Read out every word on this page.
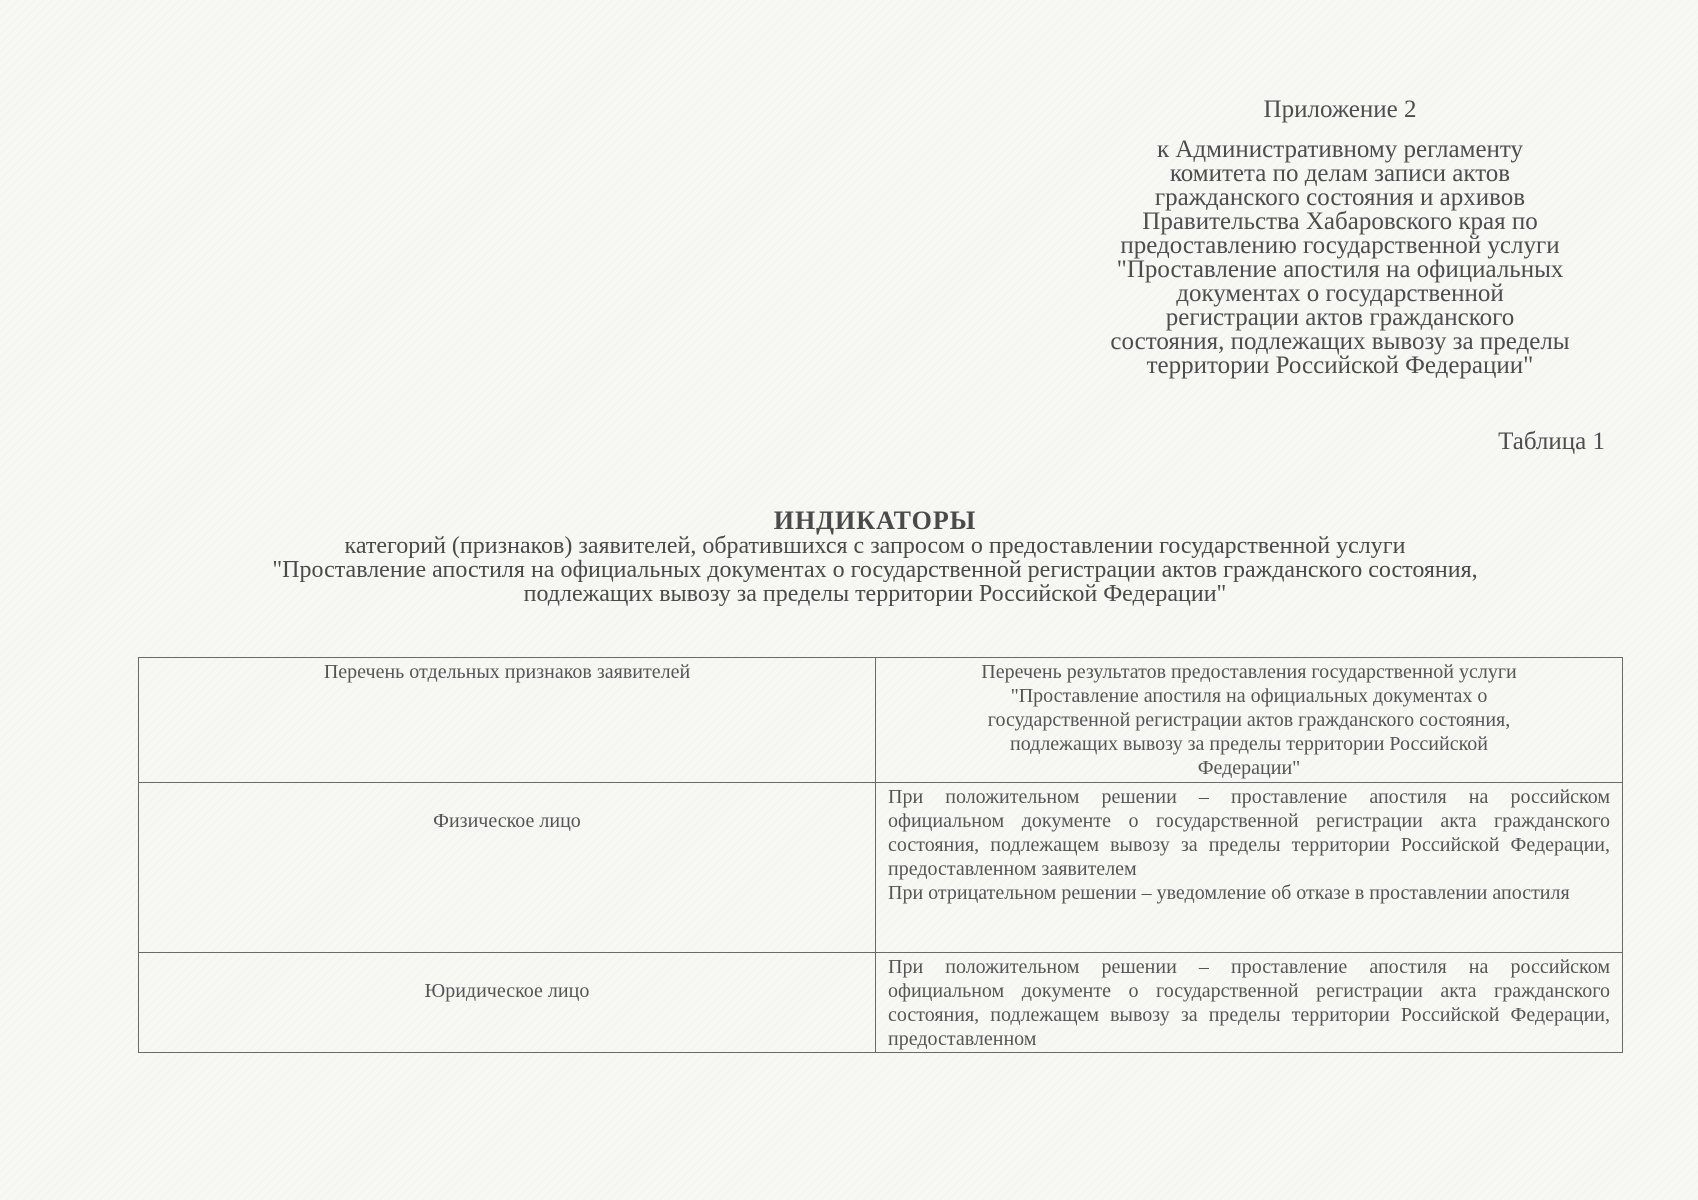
Приложение 2
к Административному регламенту
комитета по делам записи актов
гражданского состояния и архивов
Правительства Хабаровского края по
предоставлению государственной услуги
"Проставление апостиля на официальных
документах о государственной
регистрации актов гражданского
состояния, подлежащих вывозу за пределы
территории Российской Федерации"
Таблица 1
ИНДИКАТОРЫ
категорий (признаков) заявителей, обратившихся с запросом о предоставлении государственной услуги
"Проставление апостиля на официальных документах о государственной регистрации актов гражданского состояния,
подлежащих вывозу за пределы территории Российской Федерации"
Перечень отдельных признаков заявителей	Перечень результатов предоставления государственной услуги
"Проставление апостиля на официальных документах о
государственной регистрации актов гражданского состояния,
подлежащих вывозу за пределы территории Российской
Федерации"

Физическое лицо	При положительном решении – проставление апостиля на российском официальном документе о государственной регистрации акта гражданского состояния, подлежащем вывозу за пределы территории Российской Федерации, предоставленном заявителем
При отрицательном решении – уведомление об отказе в проставлении апостиля

Юридическое лицо	При положительном решении – проставление апостиля на российском официальном документе о государственной регистрации акта гражданского состояния, подлежащем вывозу за пределы территории Российской Федерации, предоставленном
